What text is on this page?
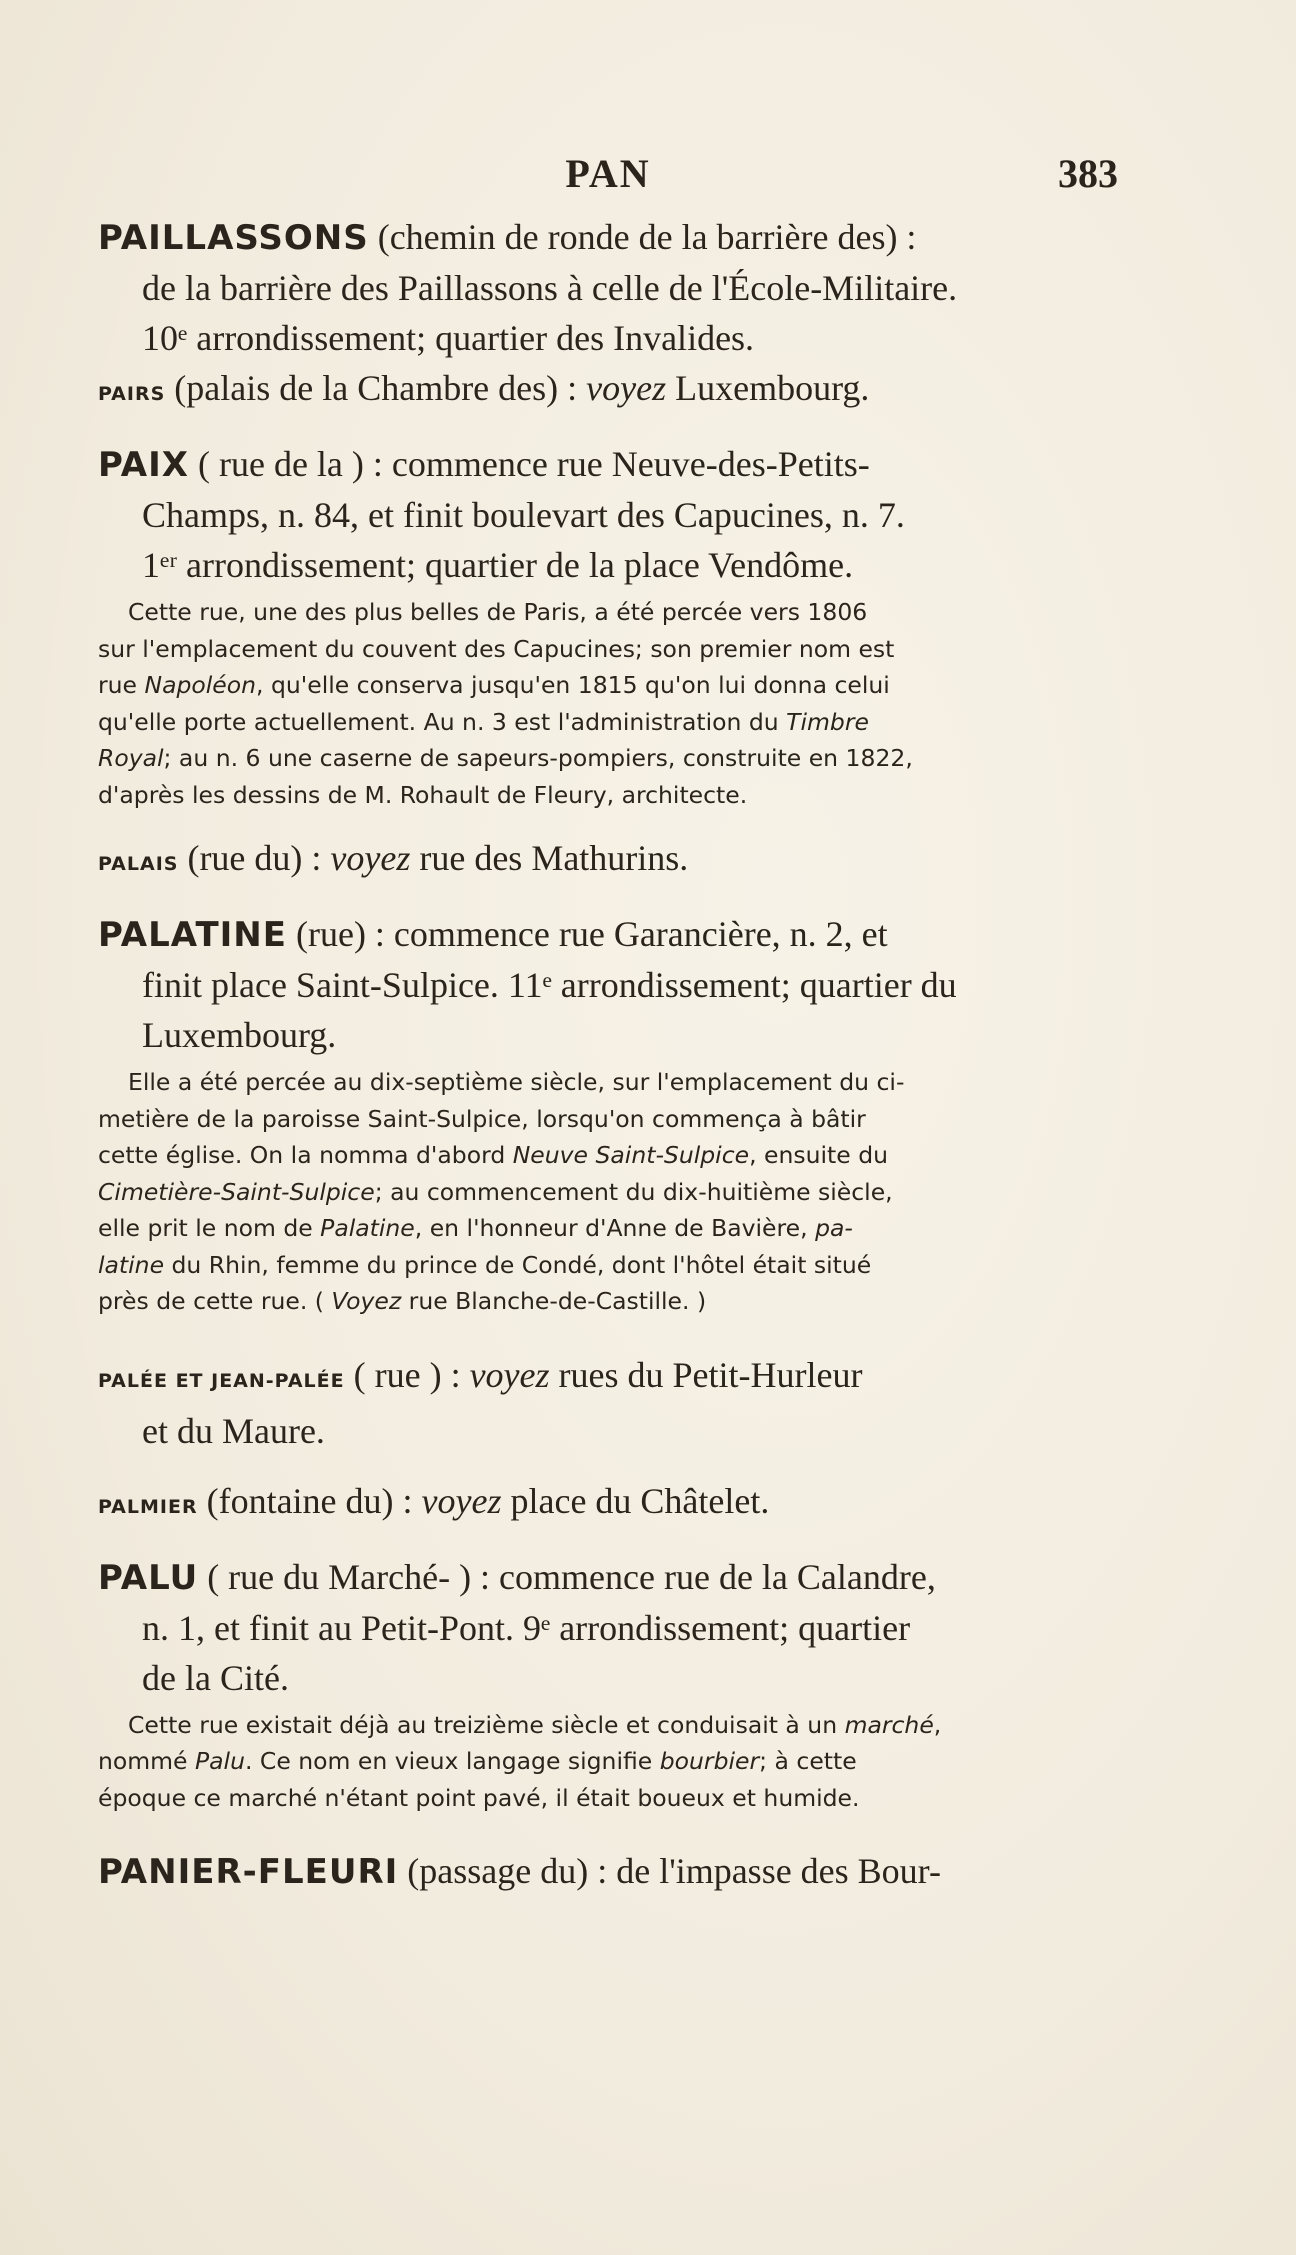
PAN	383

PAILLASSONS (chemin de ronde de la barrière des) :

de la barrière des Paillassons à celle de l'École-Militaire.

10ᵉ arrondissement; quartier des Invalides.

PAIRS (palais de la Chambre des) : voyez Luxembourg.

PAIX ( rue de la ) : commence rue Neuve-des-Petits-

Champs, n. 84, et finit boulevart des Capucines, n. 7.

1ᵉʳ arrondissement; quartier de la place Vendôme.

Cette rue, une des plus belles de Paris, a été percée vers 1806

sur l'emplacement du couvent des Capucines; son premier nom est

rue Napoléon, qu'elle conserva jusqu'en 1815 qu'on lui donna celui

qu'elle porte actuellement. Au n. 3 est l'administration du Timbre

Royal; au n. 6 une caserne de sapeurs-pompiers, construite en 1822,

d'après les dessins de M. Rohault de Fleury, architecte.

PALAIS (rue du) : voyez rue des Mathurins.

PALATINE (rue) : commence rue Garancière, n. 2, et

finit place Saint-Sulpice. 11ᵉ arrondissement; quartier du

Luxembourg.

Elle a été percée au dix-septième siècle, sur l'emplacement du ci-

metière de la paroisse Saint-Sulpice, lorsqu'on commença à bâtir

cette église. On la nomma d'abord Neuve Saint-Sulpice, ensuite du

Cimetière-Saint-Sulpice; au commencement du dix-huitième siècle,

elle prit le nom de Palatine, en l'honneur d'Anne de Bavière, pa-

latine du Rhin, femme du prince de Condé, dont l'hôtel était situé

près de cette rue. ( Voyez rue Blanche-de-Castille. )

PALÉE ET JEAN-PALÉE ( rue ) : voyez rues du Petit-Hurleur

et du Maure.

PALMIER (fontaine du) : voyez place du Châtelet.

PALU ( rue du Marché- ) : commence rue de la Calandre,

n. 1, et finit au Petit-Pont. 9ᵉ arrondissement; quartier

de la Cité.

Cette rue existait déjà au treizième siècle et conduisait à un marché,

nommé Palu. Ce nom en vieux langage signifie bourbier; à cette

époque ce marché n'étant point pavé, il était boueux et humide.

PANIER-FLEURI (passage du) : de l'impasse des Bour-
